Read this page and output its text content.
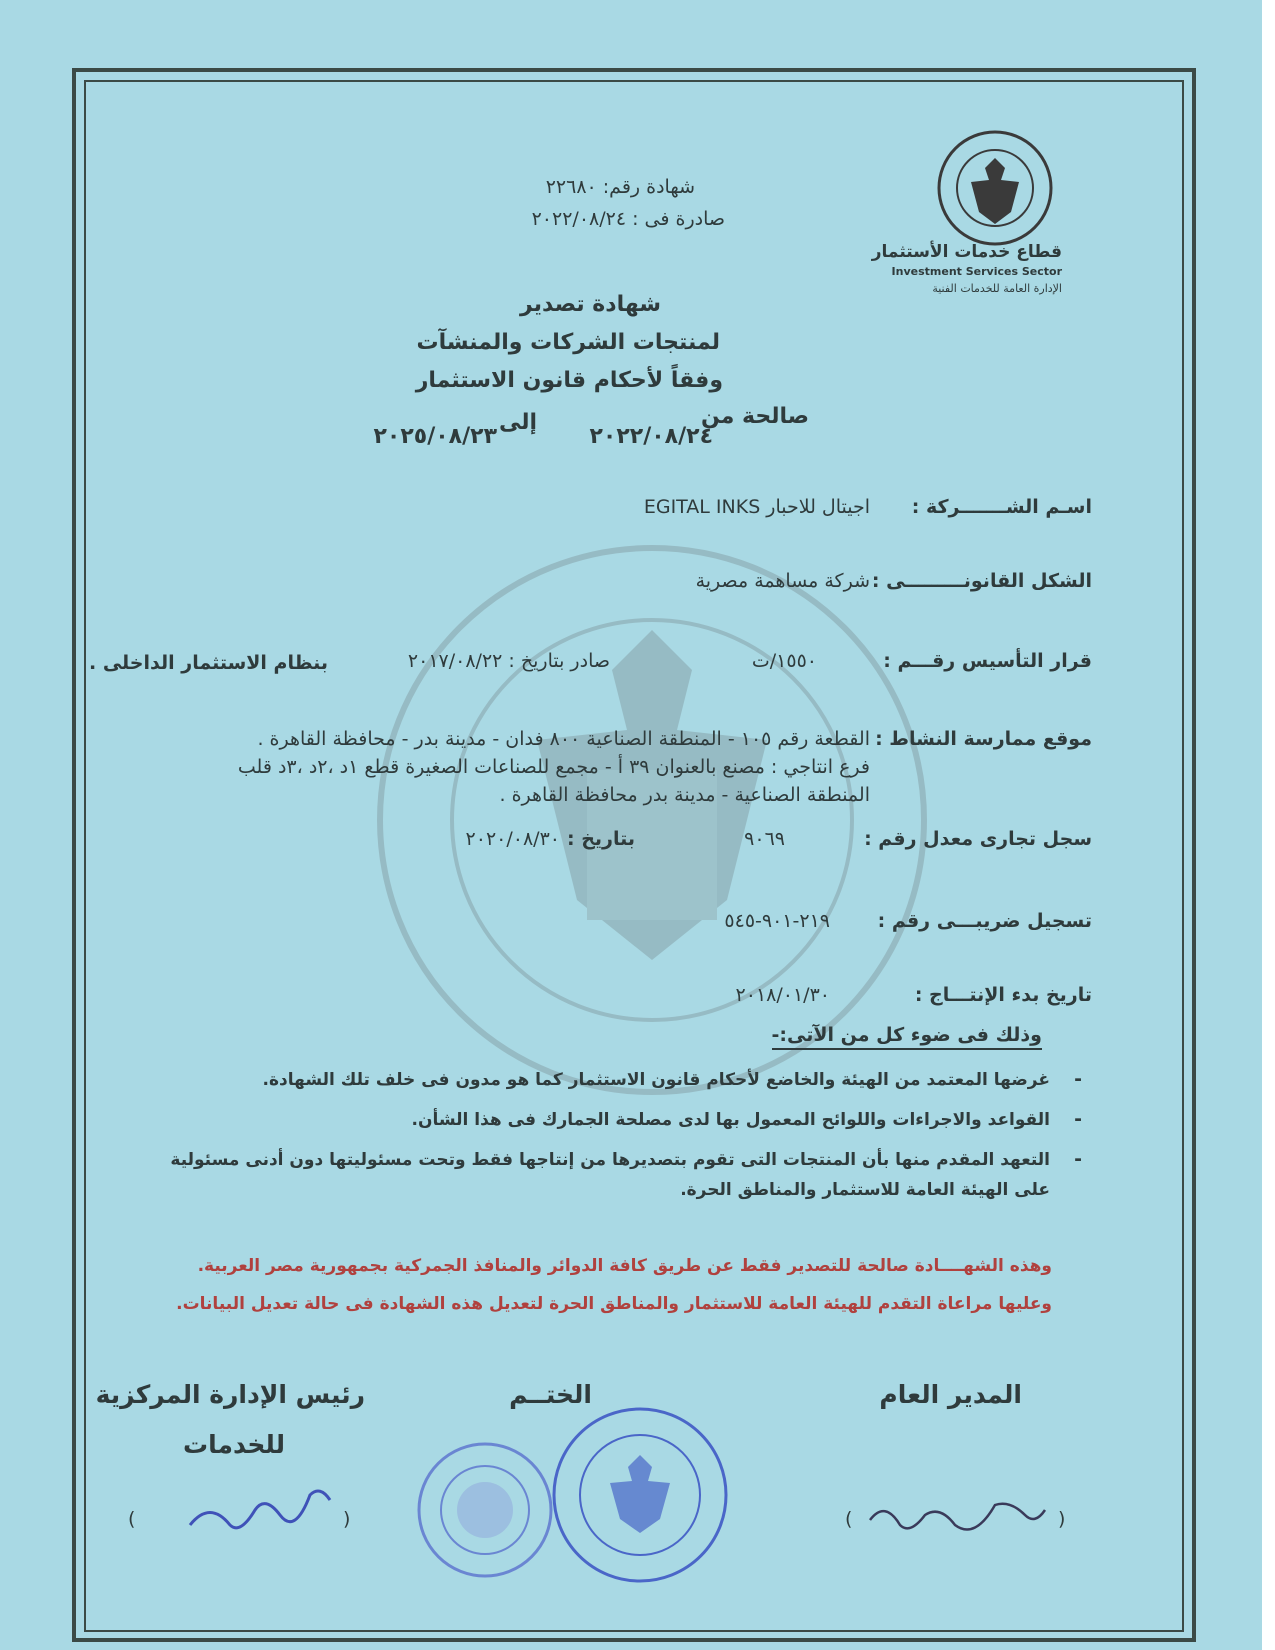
قطاع خدمات الأستثمار
Investment Services Sector
الإدارة العامة للخدمات الفنية
شهادة رقم: ٢٢٦٨٠
صادرة فى : ٢٠٢٢/٠٨/٢٤
شهادة تصدير
لمنتجات الشركات والمنشآت
وفقاً لأحكام قانون الاستثمار
صالحة من
٢٠٢٢/٠٨/٢٤
إلى
٢٠٢٥/٠٨/٢٣
اسـم الشـــــــركة :
اجيتال للاحبار EGITAL INKS
الشكل القانونـــــــــى :
شركة مساهمة مصرية
قرار التأسيس رقـــم :
١٥٥٠/ت
صادر بتاريخ : ٢٠١٧/٠٨/٢٢
بنظام الاستثمار الداخلى .
موقع ممارسة النشاط :
القطعة رقم ١٠٥ - المنطقة الصناعية ٨٠٠ فدان - مدينة بدر - محافظة القاهرة .
فرع انتاجي : مصنع بالعنوان ٣٩ أ - مجمع للصناعات الصغيرة قطع ١د ،٢د ،٣د قلب
المنطقة الصناعية - مدينة بدر محافظة القاهرة .
سجل تجارى معدل رقم :
٩٠٦٩
بتاريخ :
٢٠٢٠/٠٨/٣٠
تسجيل ضريبـــى رقم :
٢١٩-٩٠١-٥٤٥
تاريخ بدء الإنتـــاج :
٢٠١٨/٠١/٣٠
وذلك فى ضوء كل من الآتى:-
-
غرضها المعتمد من الهيئة والخاضع لأحكام قانون الاستثمار كما هو مدون فى خلف تلك الشهادة.
-
القواعد والاجراءات واللوائح المعمول بها لدى مصلحة الجمارك فى هذا الشأن.
-
التعهد المقدم منها بأن المنتجات التى تقوم بتصديرها من إنتاجها فقط وتحت مسئوليتها دون أدنى مسئولية
على الهيئة العامة للاستثمار والمناطق الحرة.
وهذه الشهــــادة صالحة للتصدير فقط عن طريق كافة الدوائر والمنافذ الجمركية بجمهورية مصر العربية.
وعليها مراعاة التقدم للهيئة العامة للاستثمار والمناطق الحرة لتعديل هذه الشهادة فى حالة تعديل البيانات.
المدير العام
الختــم
رئيس الإدارة المركزية
للخدمات
(	)	(	)
